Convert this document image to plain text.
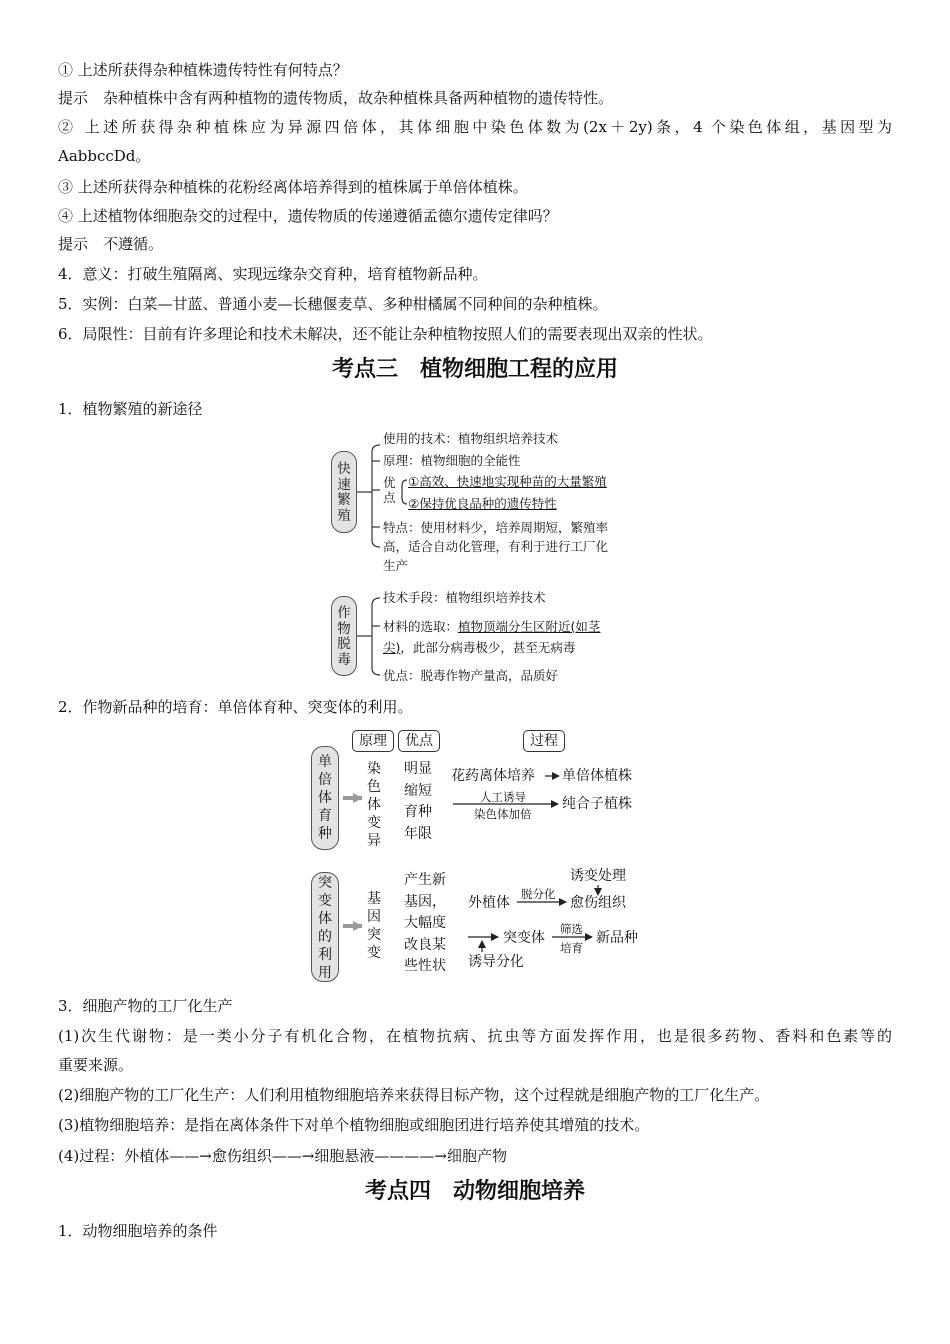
① 上述所获得杂种植株遗传特性有何特点？
提示　杂种植株中含有两种植物的遗传物质，故杂种植株具备两种植物的遗传特性。
② 上述所获得杂种植株应为异源四倍体，其体细胞中染色体数为(2x＋2y)条，4 个染色体组，基因型为
AabbccDd。
③ 上述所获得杂种植株的花粉经离体培养得到的植株属于单倍体植株。
④ 上述植物体细胞杂交的过程中，遗传物质的传递遵循孟德尔遗传定律吗？
提示　不遵循。
4．意义：打破生殖隔离、实现远缘杂交育种，培育植物新品种。
5．实例：白菜—甘蓝、普通小麦—长穗偃麦草、多种柑橘属不同种间的杂种植株。
6．局限性：目前有许多理论和技术未解决，还不能让杂种植物按照人们的需要表现出双亲的性状。
考点三　植物细胞工程的应用
1．植物繁殖的新途径
快
速
繁
殖
使用的技术：植物组织培养技术
原理：植物细胞的全能性
优
点
①高效、快速地实现种苗的大量繁殖
②保持优良品种的遗传特性
特点：使用材料少，培养周期短，繁殖率
高，适合自动化管理，有利于进行工厂化
生产
作
物
脱
毒
技术手段：植物组织培养技术
材料的选取：植物顶端分生区附近(如茎
尖)，此部分病毒极少，甚至无病毒
优点：脱毒作物产量高，品质好
2．作物新品种的培育：单倍体育种、突变体的利用。
原理	优点	过程
单
倍
体
育
种
突
变
体
的
利
用
染
色
体
变
异
明显
缩短
育种
年限
花药离体培养 单倍体植株
人工诱导
染色体加倍
纯合子植株
基
因
突
变
产生新
基因，
大幅度
改良某
些性状
诱变处理
外植体
脱分化
愈伤组织
突变体
筛选
培育
新品种
诱导分化
3．细胞产物的工厂化生产
(1)次生代谢物：是一类小分子有机化合物，在植物抗病、抗虫等方面发挥作用，也是很多药物、香料和色素等的
重要来源。
(2)细胞产物的工厂化生产：人们利用植物细胞培养来获得目标产物，这个过程就是细胞产物的工厂化生产。
(3)植物细胞培养：是指在离体条件下对单个植物细胞或细胞团进行培养使其增殖的技术。
(4)过程：外植体——→愈伤组织——→细胞悬液————→细胞产物
考点四　动物细胞培养
1．动物细胞培养的条件
